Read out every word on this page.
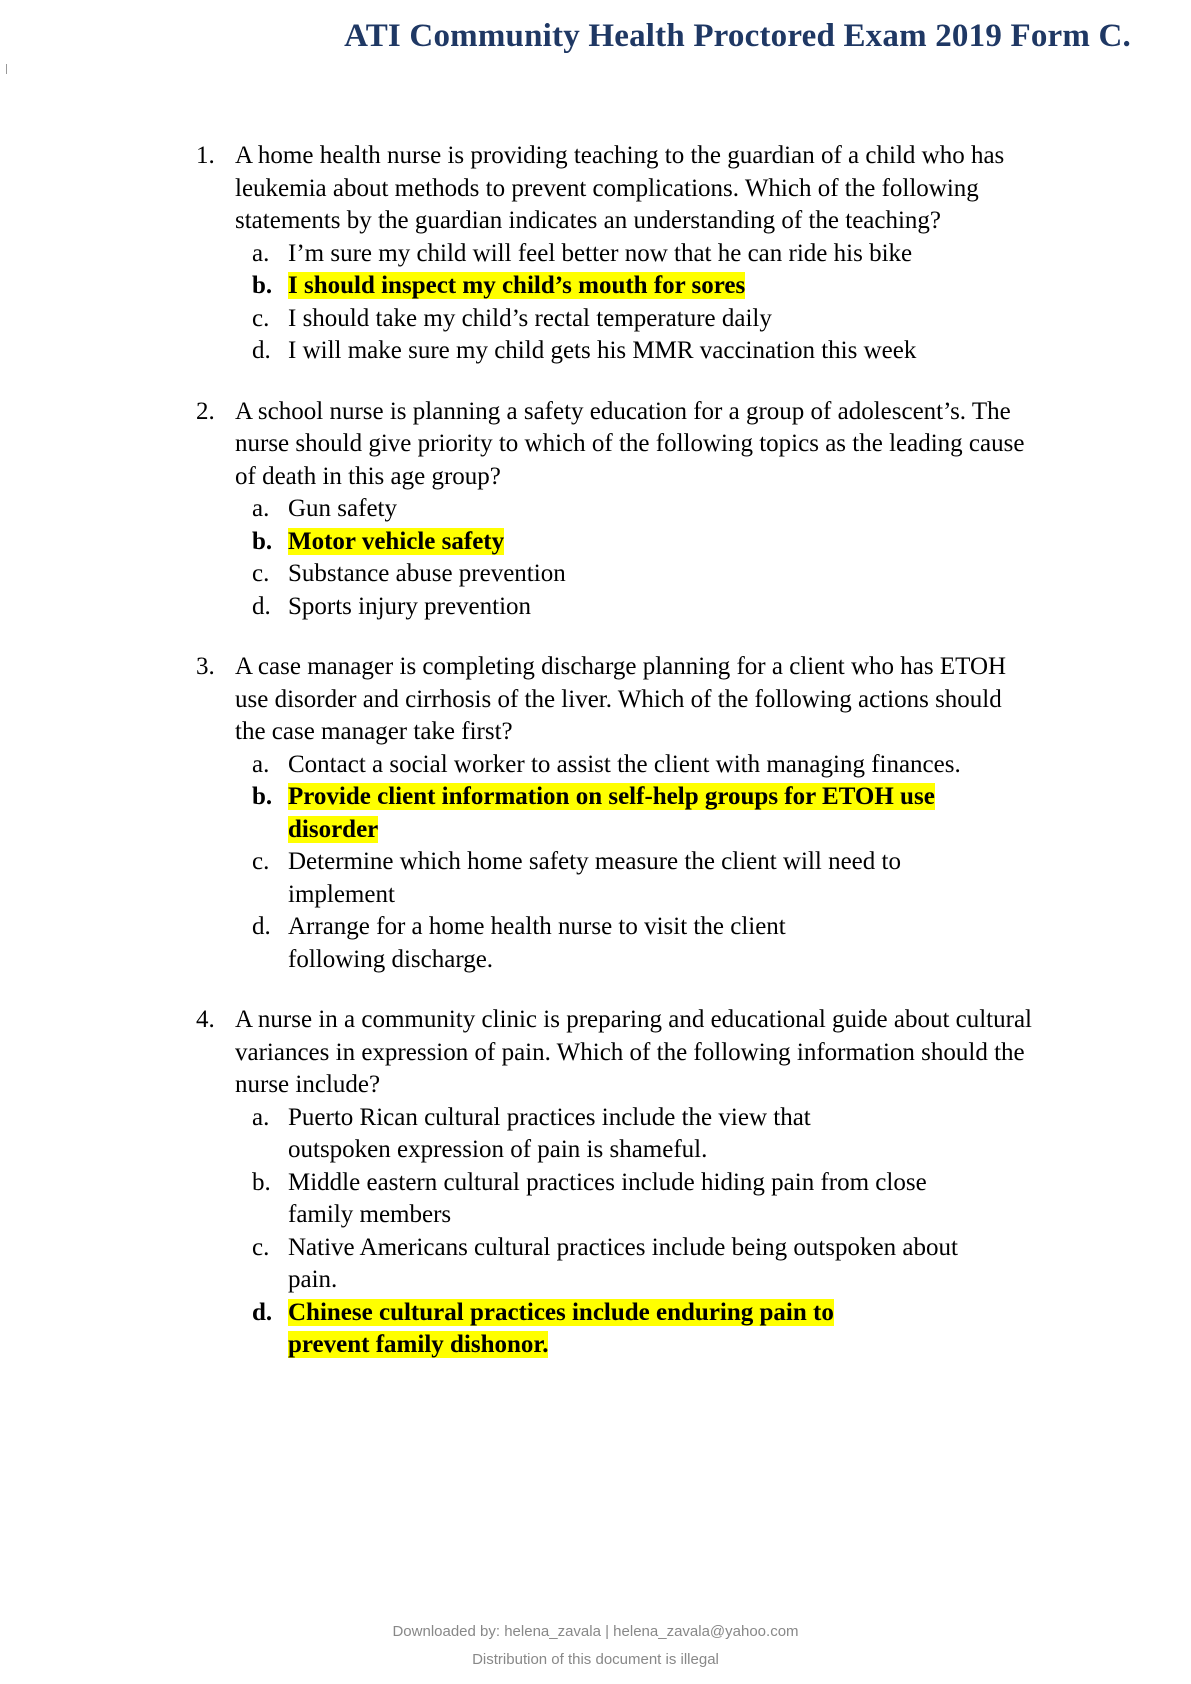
ATI Community Health Proctored Exam 2019 Form C.
1. A home health nurse is providing teaching to the guardian of a child who has leukemia about methods to prevent complications. Which of the following statements by the guardian indicates an understanding of the teaching?
a. I’m sure my child will feel better now that he can ride his bike
b. I should inspect my child’s mouth for sores
c. I should take my child’s rectal temperature daily
d. I will make sure my child gets his MMR vaccination this week
2. A school nurse is planning a safety education for a group of adolescent’s. The nurse should give priority to which of the following topics as the leading cause of death in this age group?
a. Gun safety
b. Motor vehicle safety
c. Substance abuse prevention
d. Sports injury prevention
3. A case manager is completing discharge planning for a client who has ETOH use disorder and cirrhosis of the liver. Which of the following actions should the case manager take first?
a. Contact a social worker to assist the client with managing finances.
b. Provide client information on self-help groups for ETOH use disorder
c. Determine which home safety measure the client will need to implement
d. Arrange for a home health nurse to visit the client following discharge.
4. A nurse in a community clinic is preparing and educational guide about cultural variances in expression of pain. Which of the following information should the nurse include?
a. Puerto Rican cultural practices include the view that outspoken expression of pain is shameful.
b. Middle eastern cultural practices include hiding pain from close family members
c. Native Americans cultural practices include being outspoken about pain.
d. Chinese cultural practices include enduring pain to prevent family dishonor.
Downloaded by: helena_zavala | helena_zavala@yahoo.com
Distribution of this document is illegal
